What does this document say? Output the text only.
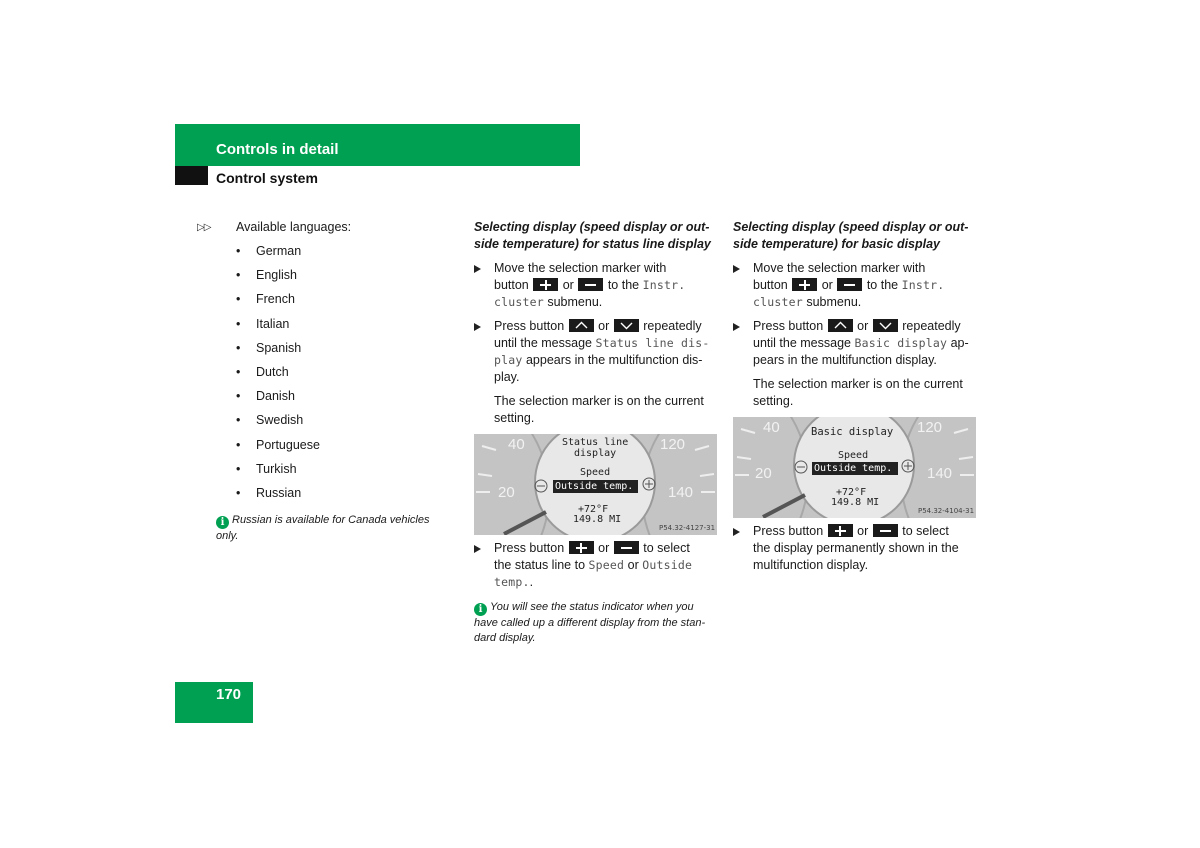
Controls in detail
Control system
▷▷ Available languages:
• German
• English
• French
• Italian
• Spanish
• Dutch
• Danish
• Swedish
• Portuguese
• Turkish
• Russian
i Russian is available for Canada vehicles only.
Selecting display (speed display or out-
side temperature) for status line display
Move the selection marker with
button	or	to the Instr.
cluster submenu.
Press button	or	repeatedly
until the message Status line dis-
play appears in the multifunction dis-
play.
The selection marker is on the current
setting.
40	120
20	140
Status line
display
Speed
Outside temp.
+72°F
149.8 MI
P54.32-4127-31
Press button	or	to select
the status line to Speed or Outside
temp..
i You will see the status indicator when you
have called up a different display from the stan-
dard display.
Selecting display (speed display or out-
side temperature) for basic display
Move the selection marker with
button	or	to the Instr.
cluster submenu.
Press button	or	repeatedly
until the message Basic display ap-
pears in the multifunction display.
The selection marker is on the current
setting.
40	120
20	140
Basic display
Speed
Outside temp.
+72°F
149.8 MI
P54.32-4104-31
Press button	or	to select
the display permanently shown in the
multifunction display.
170
